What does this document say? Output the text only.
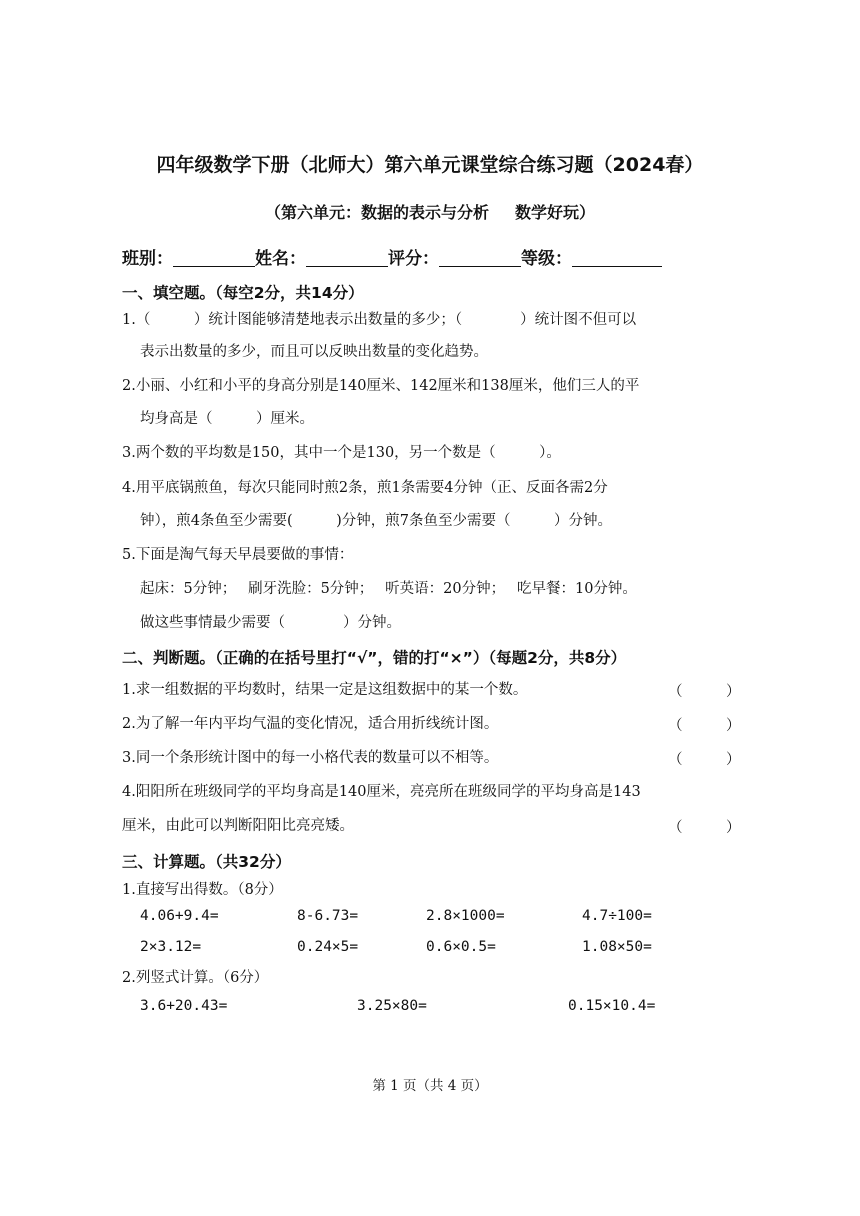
四年级数学下册（北师大）第六单元课堂综合练习题（2024春）
（第六单元：数据的表示与分析 数学好玩）
班别：	姓名：	评分：	等级：
一、填空题。（每空2分，共14分）
1.（　　　）统计图能够清楚地表示出数量的多少；（　　　　）统计图不但可以
表示出数量的多少，而且可以反映出数量的变化趋势。
2.小丽、小红和小平的身高分别是140厘米、142厘米和138厘米，他们三人的平
均身高是（　　　）厘米。
3.两个数的平均数是150，其中一个是130，另一个数是（　　　）。
4.用平底锅煎鱼，每次只能同时煎2条，煎1条需要4分钟（正、反面各需2分
钟），煎4条鱼至少需要(　　　)分钟，煎7条鱼至少需要（　　　）分钟。
5.下面是淘气每天早晨要做的事情：
起床：5分钟；　 刷牙洗脸：5分钟；　 听英语：20分钟；　 吃早餐：10分钟。
做这些事情最少需要（　　　　）分钟。
二、判断题。（正确的在括号里打“√”，错的打“×”）（每题2分，共8分）
1.求一组数据的平均数时，结果一定是这组数据中的某一个数。	（　　　）
2.为了解一年内平均气温的变化情况，适合用折线统计图。	（　　　）
3.同一个条形统计图中的每一小格代表的数量可以不相等。	（　　　）
4.阳阳所在班级同学的平均身高是140厘米，亮亮所在班级同学的平均身高是143
厘米，由此可以判断阳阳比亮亮矮。	（　　　）
三、计算题。（共32分）
1.直接写出得数。（8分）
4.06+9.4=	8-6.73=	2.8×1000=	4.7÷100=
2×3.12=	0.24×5=	0.6×0.5=	1.08×50=
2.列竖式计算。（6分）
3.6+20.43=	3.25×80=	0.15×10.4=
第 1 页（共 4 页）
